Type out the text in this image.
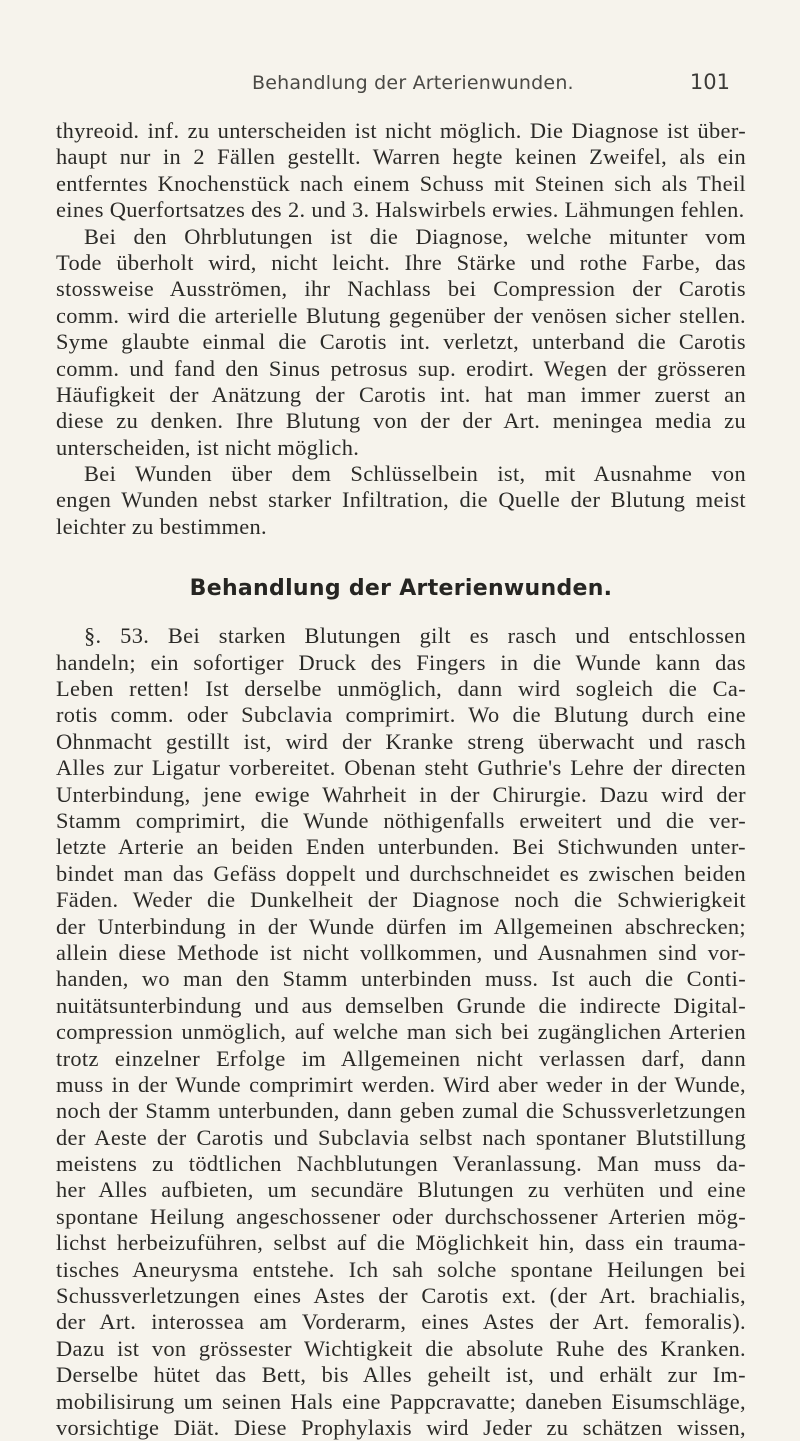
Behandlung der Arterienwunden.	101
thyreoid. inf. zu unterscheiden ist nicht möglich. Die Diagnose ist über-
haupt nur in 2 Fällen gestellt. Warren hegte keinen Zweifel, als ein
entferntes Knochenstück nach einem Schuss mit Steinen sich als Theil
eines Querfortsatzes des 2. und 3. Halswirbels erwies. Lähmungen fehlen.
Bei den Ohrblutungen ist die Diagnose, welche mitunter vom
Tode überholt wird, nicht leicht. Ihre Stärke und rothe Farbe, das
stossweise Ausströmen, ihr Nachlass bei Compression der Carotis
comm. wird die arterielle Blutung gegenüber der venösen sicher stellen.
Syme glaubte einmal die Carotis int. verletzt, unterband die Carotis
comm. und fand den Sinus petrosus sup. erodirt. Wegen der grösseren
Häufigkeit der Anätzung der Carotis int. hat man immer zuerst an
diese zu denken. Ihre Blutung von der der Art. meningea media zu
unterscheiden, ist nicht möglich.
Bei Wunden über dem Schlüsselbein ist, mit Ausnahme von
engen Wunden nebst starker Infiltration, die Quelle der Blutung meist
leichter zu bestimmen.
Behandlung der Arterienwunden.
§. 53. Bei starken Blutungen gilt es rasch und entschlossen
handeln; ein sofortiger Druck des Fingers in die Wunde kann das
Leben retten! Ist derselbe unmöglich, dann wird sogleich die Ca-
rotis comm. oder Subclavia comprimirt. Wo die Blutung durch eine
Ohnmacht gestillt ist, wird der Kranke streng überwacht und rasch
Alles zur Ligatur vorbereitet. Obenan steht Guthrie's Lehre der directen
Unterbindung, jene ewige Wahrheit in der Chirurgie. Dazu wird der
Stamm comprimirt, die Wunde nöthigenfalls erweitert und die ver-
letzte Arterie an beiden Enden unterbunden. Bei Stichwunden unter-
bindet man das Gefäss doppelt und durchschneidet es zwischen beiden
Fäden. Weder die Dunkelheit der Diagnose noch die Schwierigkeit
der Unterbindung in der Wunde dürfen im Allgemeinen abschrecken;
allein diese Methode ist nicht vollkommen, und Ausnahmen sind vor-
handen, wo man den Stamm unterbinden muss. Ist auch die Conti-
nuitätsunterbindung und aus demselben Grunde die indirecte Digital-
compression unmöglich, auf welche man sich bei zugänglichen Arterien
trotz einzelner Erfolge im Allgemeinen nicht verlassen darf, dann
muss in der Wunde comprimirt werden. Wird aber weder in der Wunde,
noch der Stamm unterbunden, dann geben zumal die Schussverletzungen
der Aeste der Carotis und Subclavia selbst nach spontaner Blutstillung
meistens zu tödtlichen Nachblutungen Veranlassung. Man muss da-
her Alles aufbieten, um secundäre Blutungen zu verhüten und eine
spontane Heilung angeschossener oder durchschossener Arterien mög-
lichst herbeizuführen, selbst auf die Möglichkeit hin, dass ein trauma-
tisches Aneurysma entstehe. Ich sah solche spontane Heilungen bei
Schussverletzungen eines Astes der Carotis ext. (der Art. brachialis,
der Art. interossea am Vorderarm, eines Astes der Art. femoralis).
Dazu ist von grössester Wichtigkeit die absolute Ruhe des Kranken.
Derselbe hütet das Bett, bis Alles geheilt ist, und erhält zur Im-
mobilisirung um seinen Hals eine Pappcravatte; daneben Eisumschläge,
vorsichtige Diät. Diese Prophylaxis wird Jeder zu schätzen wissen,
